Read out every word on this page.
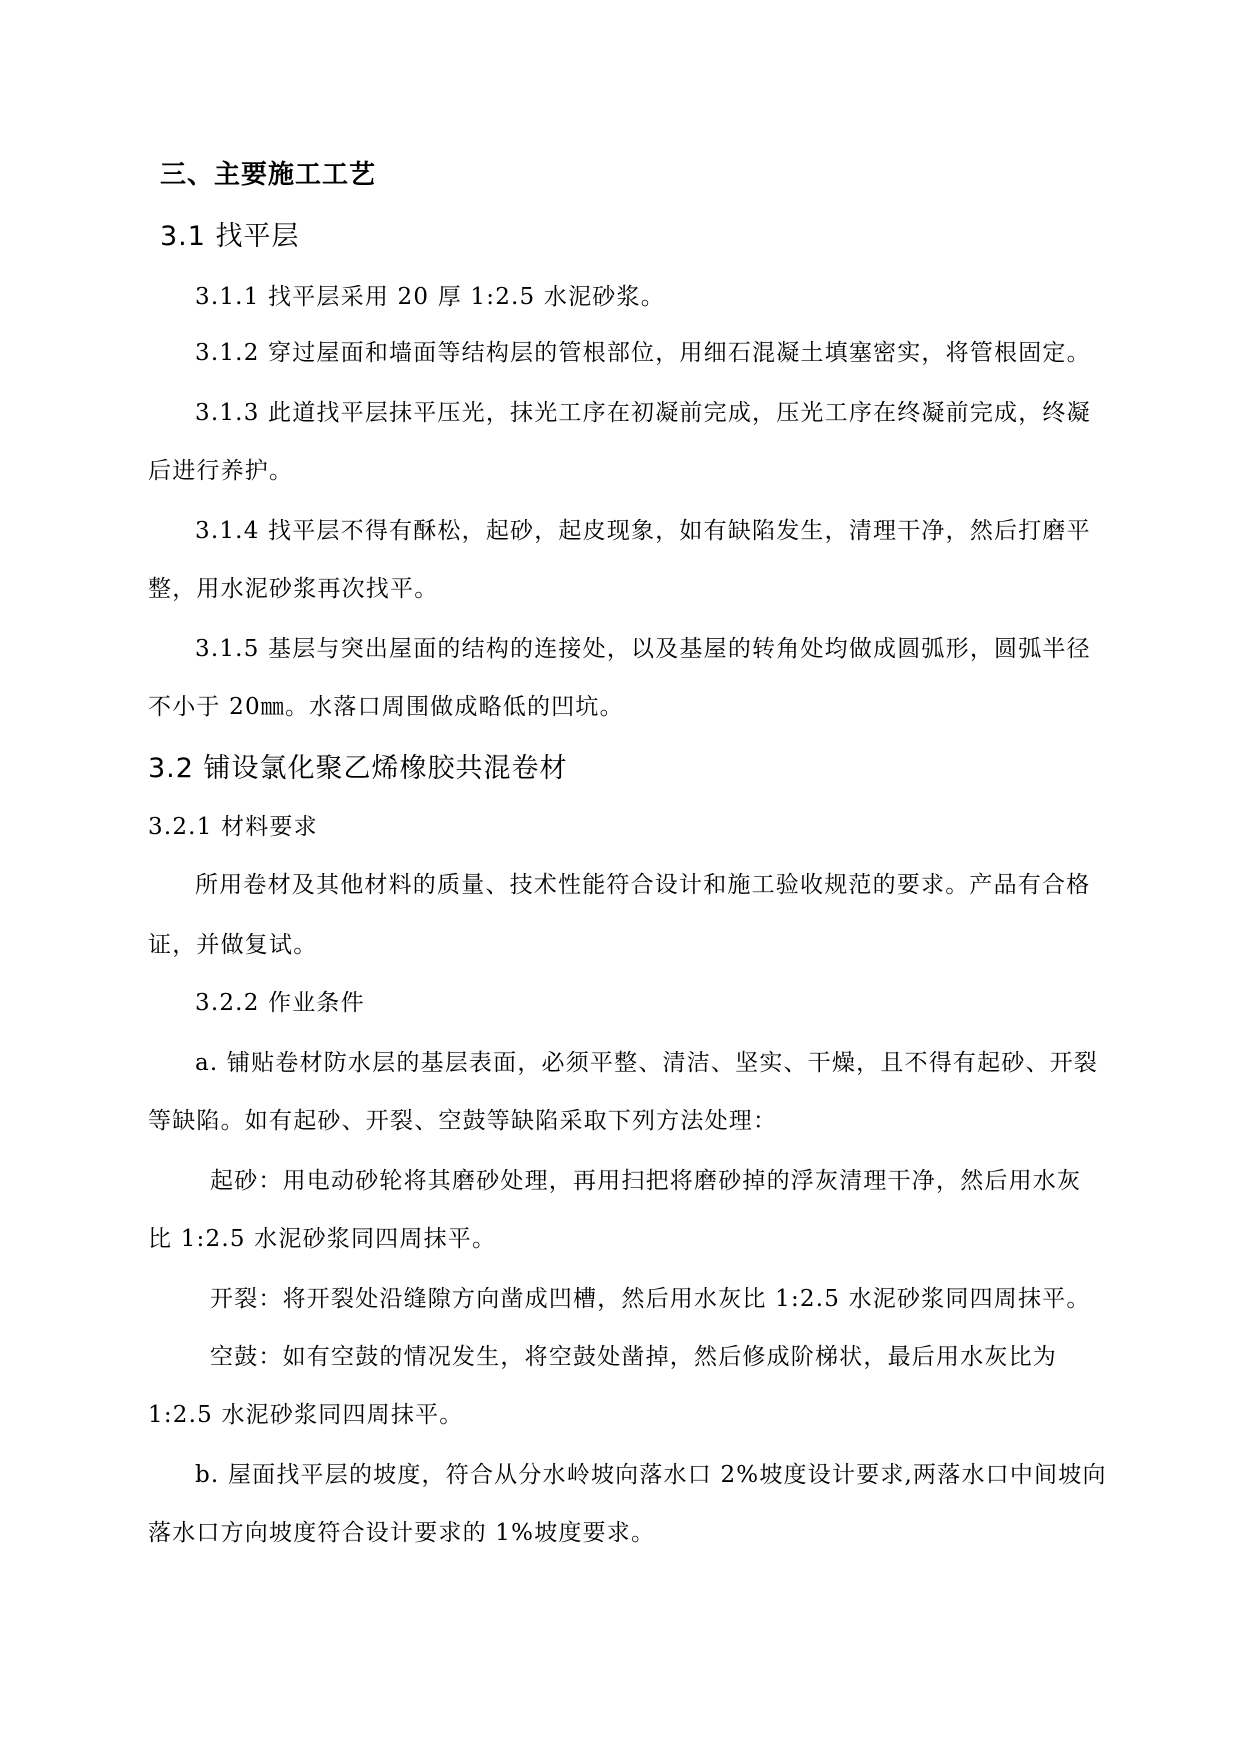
三、主要施工工艺
3.1 找平层
3.1.1 找平层采用 20 厚 1:2.5 水泥砂浆。
3.1.2 穿过屋面和墙面等结构层的管根部位，用细石混凝土填塞密实，将管根固定。
3.1.3 此道找平层抹平压光，抹光工序在初凝前完成，压光工序在终凝前完成，终凝
后进行养护。
3.1.4 找平层不得有酥松，起砂，起皮现象，如有缺陷发生，清理干净，然后打磨平
整，用水泥砂浆再次找平。
3.1.5 基层与突出屋面的结构的连接处，以及基屋的转角处均做成圆弧形，圆弧半径
不小于 20㎜。水落口周围做成略低的凹坑。
3.2 铺设氯化聚乙烯橡胶共混卷材
3.2.1 材料要求
所用卷材及其他材料的质量、技术性能符合设计和施工验收规范的要求。产品有合格
证，并做复试。
3.2.2 作业条件
a. 铺贴卷材防水层的基层表面，必须平整、清洁、坚实、干燥，且不得有起砂、开裂
等缺陷。如有起砂、开裂、空鼓等缺陷采取下列方法处理：
起砂：用电动砂轮将其磨砂处理，再用扫把将磨砂掉的浮灰清理干净，然后用水灰
比 1:2.5 水泥砂浆同四周抹平。
开裂：将开裂处沿缝隙方向凿成凹槽，然后用水灰比 1:2.5 水泥砂浆同四周抹平。
空鼓：如有空鼓的情况发生，将空鼓处凿掉，然后修成阶梯状，最后用水灰比为
1:2.5 水泥砂浆同四周抹平。
b. 屋面找平层的坡度，符合从分水岭坡向落水口 2%坡度设计要求,两落水口中间坡向
落水口方向坡度符合设计要求的 1%坡度要求。
